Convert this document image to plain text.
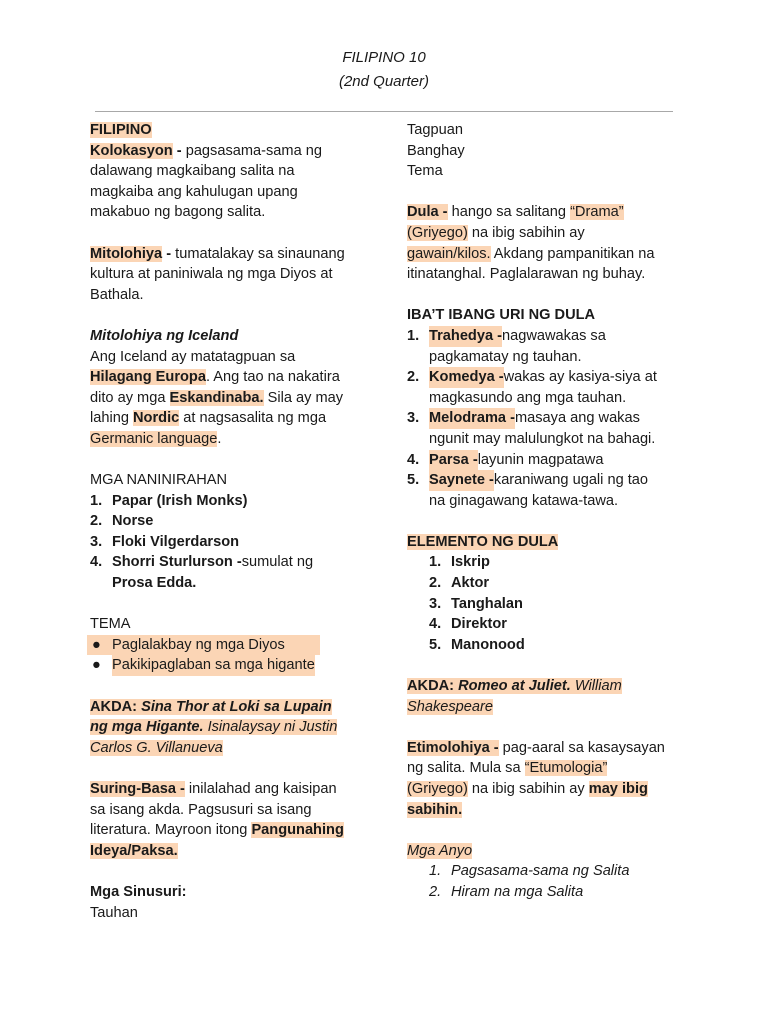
FILIPINO 10
(2nd Quarter)
FILIPINO
Kolokasyon - pagsasama-sama ng
dalawang magkaibang salita na
magkaiba ang kahulugan upang
makabuo ng bagong salita.
Mitolohiya - tumatalakay sa sinaunang
kultura at paniniwala ng mga Diyos at
Bathala.
Mitolohiya ng Iceland
Ang Iceland ay matatagpuan sa
Hilagang Europa. Ang tao na nakatira
dito ay mga Eskandinaba. Sila ay may
lahing Nordic at nagsasalita ng mga
Germanic language.
MGA NANINIRAHAN
1. Papar (Irish Monks)
2. Norse
3. Floki Vilgerdarson
4. Shorri Sturlurson - sumulat ng
Prosa Edda.
TEMA
● Paglalakbay ng mga Diyos
● Pakikipaglaban sa mga higante
AKDA: Sina Thor at Loki sa Lupain
ng mga Higante. Isinalaysay ni Justin
Carlos G. Villanueva
Suring-Basa - inilalahad ang kaisipan
sa isang akda. Pagsusuri sa isang
literatura. Mayroon itong Pangunahing
Ideya/Paksa.
Mga Sinusuri:
Tauhan
Tagpuan
Banghay
Tema
Dula - hango sa salitang “Drama”
(Griyego) na ibig sabihin ay
gawain/kilos. Akdang pampanitikan na
itinatanghal. Paglalarawan ng buhay.
IBA’T IBANG URI NG DULA
1. Trahedya - nagwawakas sa
pagkamatay ng tauhan.
2. Komedya - wakas ay kasiya-siya at
magkasundo ang mga tauhan.
3. Melodrama - masaya ang wakas
ngunit may malulungkot na bahagi.
4. Parsa - layunin magpatawa
5. Saynete - karaniwang ugali ng tao
na ginagawang katawa-tawa.
ELEMENTO NG DULA
1. Iskrip
2. Aktor
3. Tanghalan
4. Direktor
5. Manonood
AKDA: Romeo at Juliet. William
Shakespeare
Etimolohiya - pag-aaral sa kasaysayan
ng salita. Mula sa “Etumologia”
(Griyego) na ibig sabihin ay may ibig
sabihin.
Mga Anyo
1. Pagsasama-sama ng Salita
2. Hiram na mga Salita
